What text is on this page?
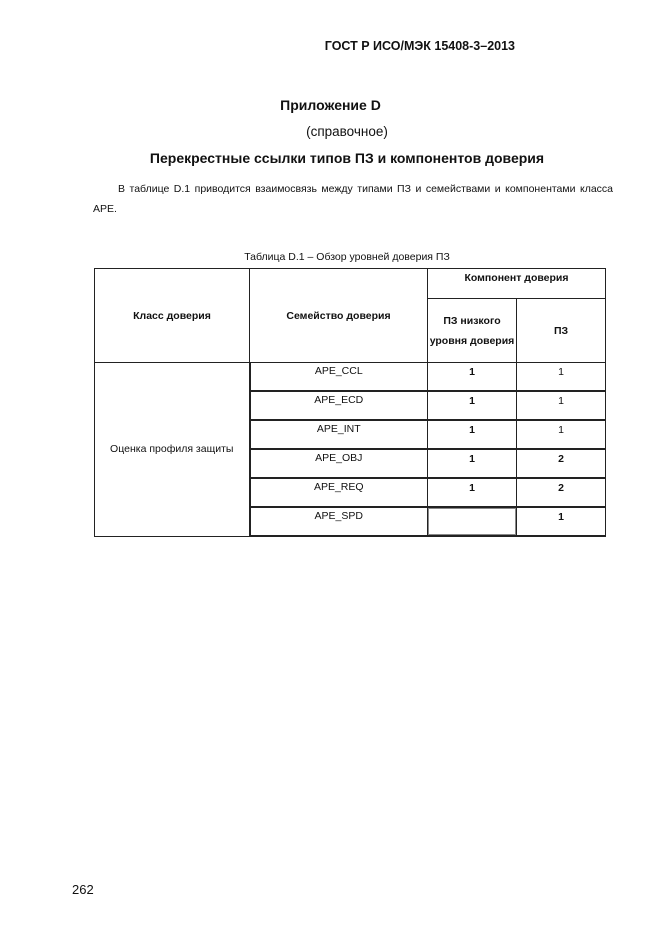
ГОСТ Р ИСО/МЭК 15408-3–2013
Приложение D
(справочное)
Перекрестные ссылки типов ПЗ и компонентов доверия
В таблице D.1 приводится взаимосвязь между типами ПЗ и семействами и компонентами класса APE.
Таблица D.1 – Обзор уровней доверия ПЗ
Класс доверия	Семейство доверия	Компонент доверия	
		ПЗ низкого уровня доверия	ПЗ
Оценка профиля защиты	APE_CCL	1	1
	APE_ECD	1	1
	APE_INT	1	1
	APE_OBJ	1	2
	APE_REQ	1	2
	APE_SPD		1
262
